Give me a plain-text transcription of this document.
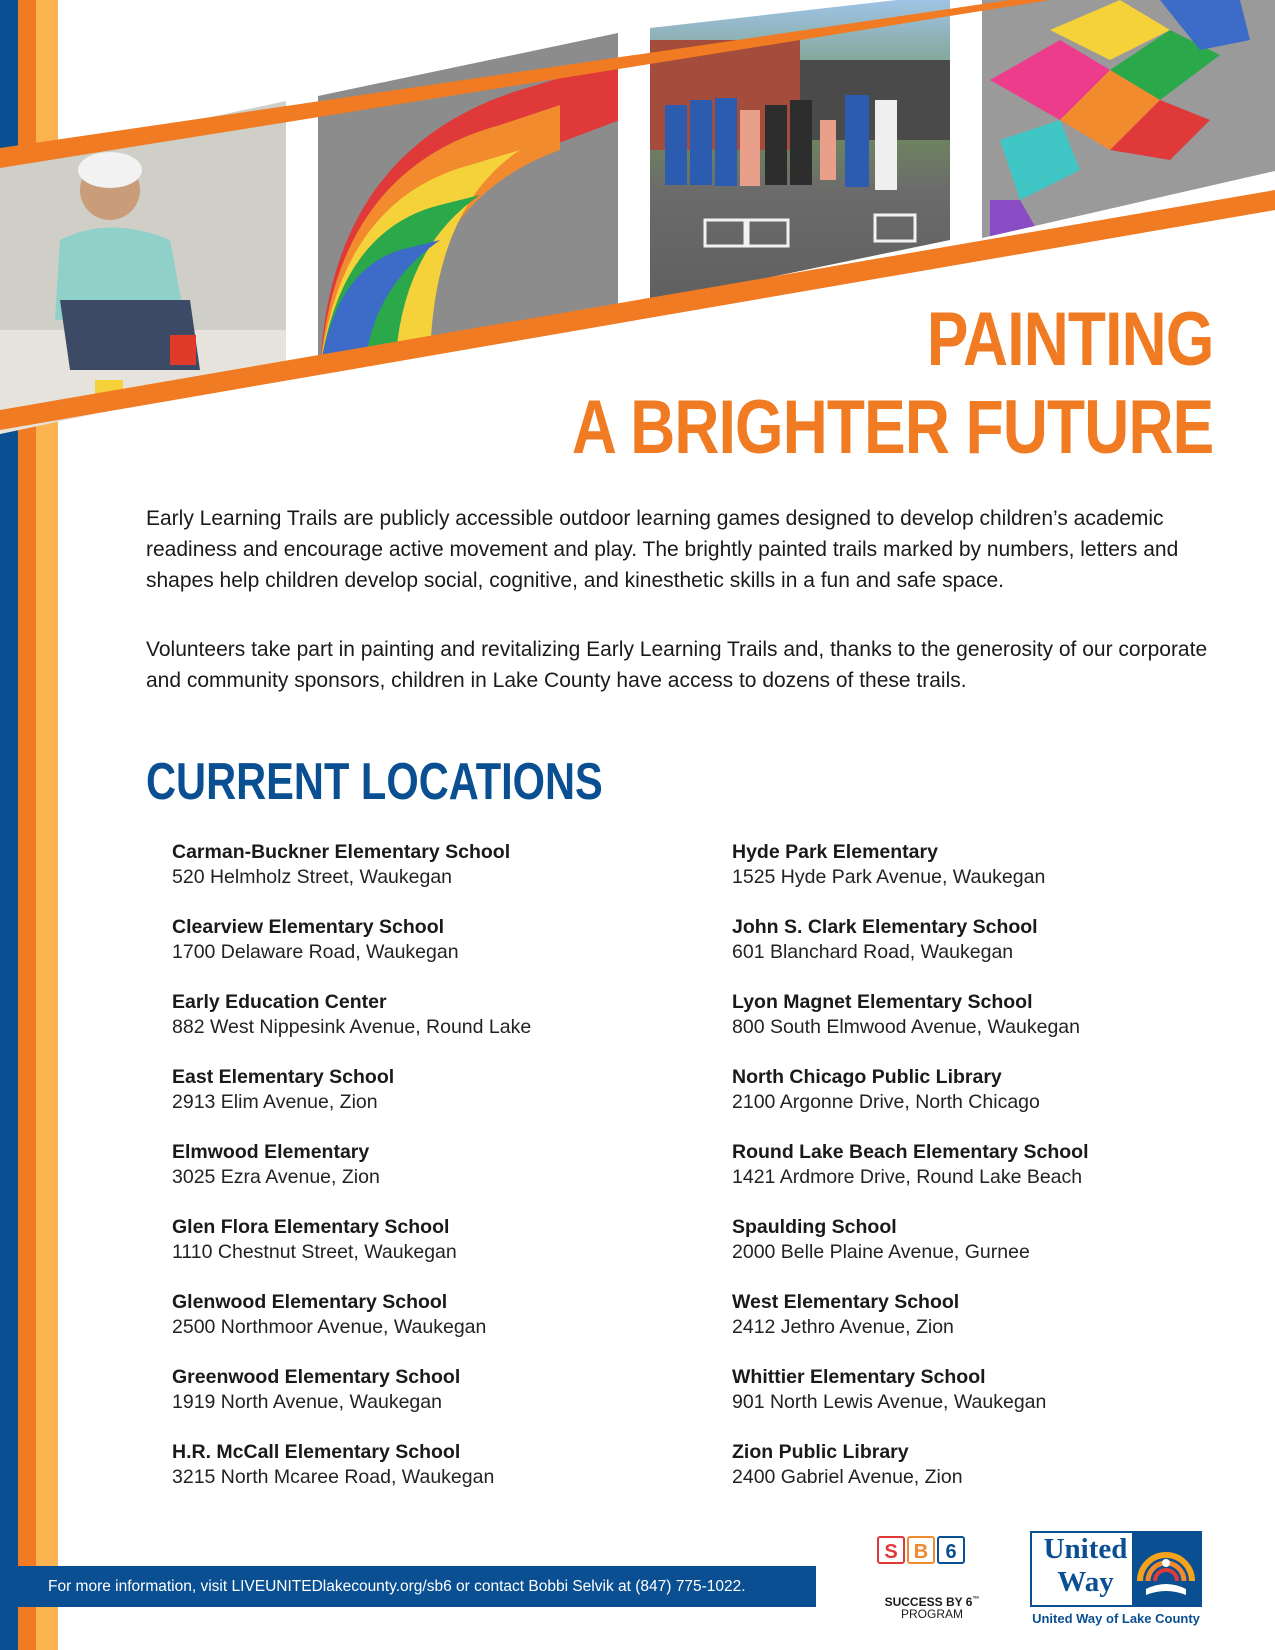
PAINTING
A BRIGHTER FUTURE

Early Learning Trails are publicly accessible outdoor learning games designed to develop children’s academic readiness and encourage active movement and play. The brightly painted trails marked by numbers, letters and shapes help children develop social, cognitive, and kinesthetic skills in a fun and safe space.

Volunteers take part in painting and revitalizing Early Learning Trails and, thanks to the generosity of our corporate and community sponsors, children in Lake County have access to dozens of these trails.

CURRENT LOCATIONS
Carman-Buckner Elementary School
520 Helmholz Street, Waukegan
Clearview Elementary School
1700 Delaware Road, Waukegan
Early Education Center
882 West Nippesink Avenue, Round Lake
East Elementary School
2913 Elim Avenue, Zion
Elmwood Elementary
3025 Ezra Avenue, Zion
Glen Flora Elementary School
1110 Chestnut Street, Waukegan
Glenwood Elementary School
2500 Northmoor Avenue, Waukegan
Greenwood Elementary School
1919 North Avenue, Waukegan
H.R. McCall Elementary School
3215 North Mcaree Road, Waukegan
Hyde Park Elementary
1525 Hyde Park Avenue, Waukegan
John S. Clark Elementary School
601 Blanchard Road, Waukegan
Lyon Magnet Elementary School
800 South Elmwood Avenue, Waukegan
North Chicago Public Library
2100 Argonne Drive, North Chicago
Round Lake Beach Elementary School
1421 Ardmore Drive, Round Lake Beach
Spaulding School
2000 Belle Plaine Avenue, Gurnee
West Elementary School
2412 Jethro Avenue, Zion
Whittier Elementary School
901 North Lewis Avenue, Waukegan
Zion Public Library
2400 Gabriel Avenue, Zion
For more information, visit LIVEUNITEDlakecounty.org/sb6 or contact Bobbi Selvik at (847) 775-1022.
S B 6
SUCCESS BY 6™
PROGRAM
United
Way
United Way of Lake County
